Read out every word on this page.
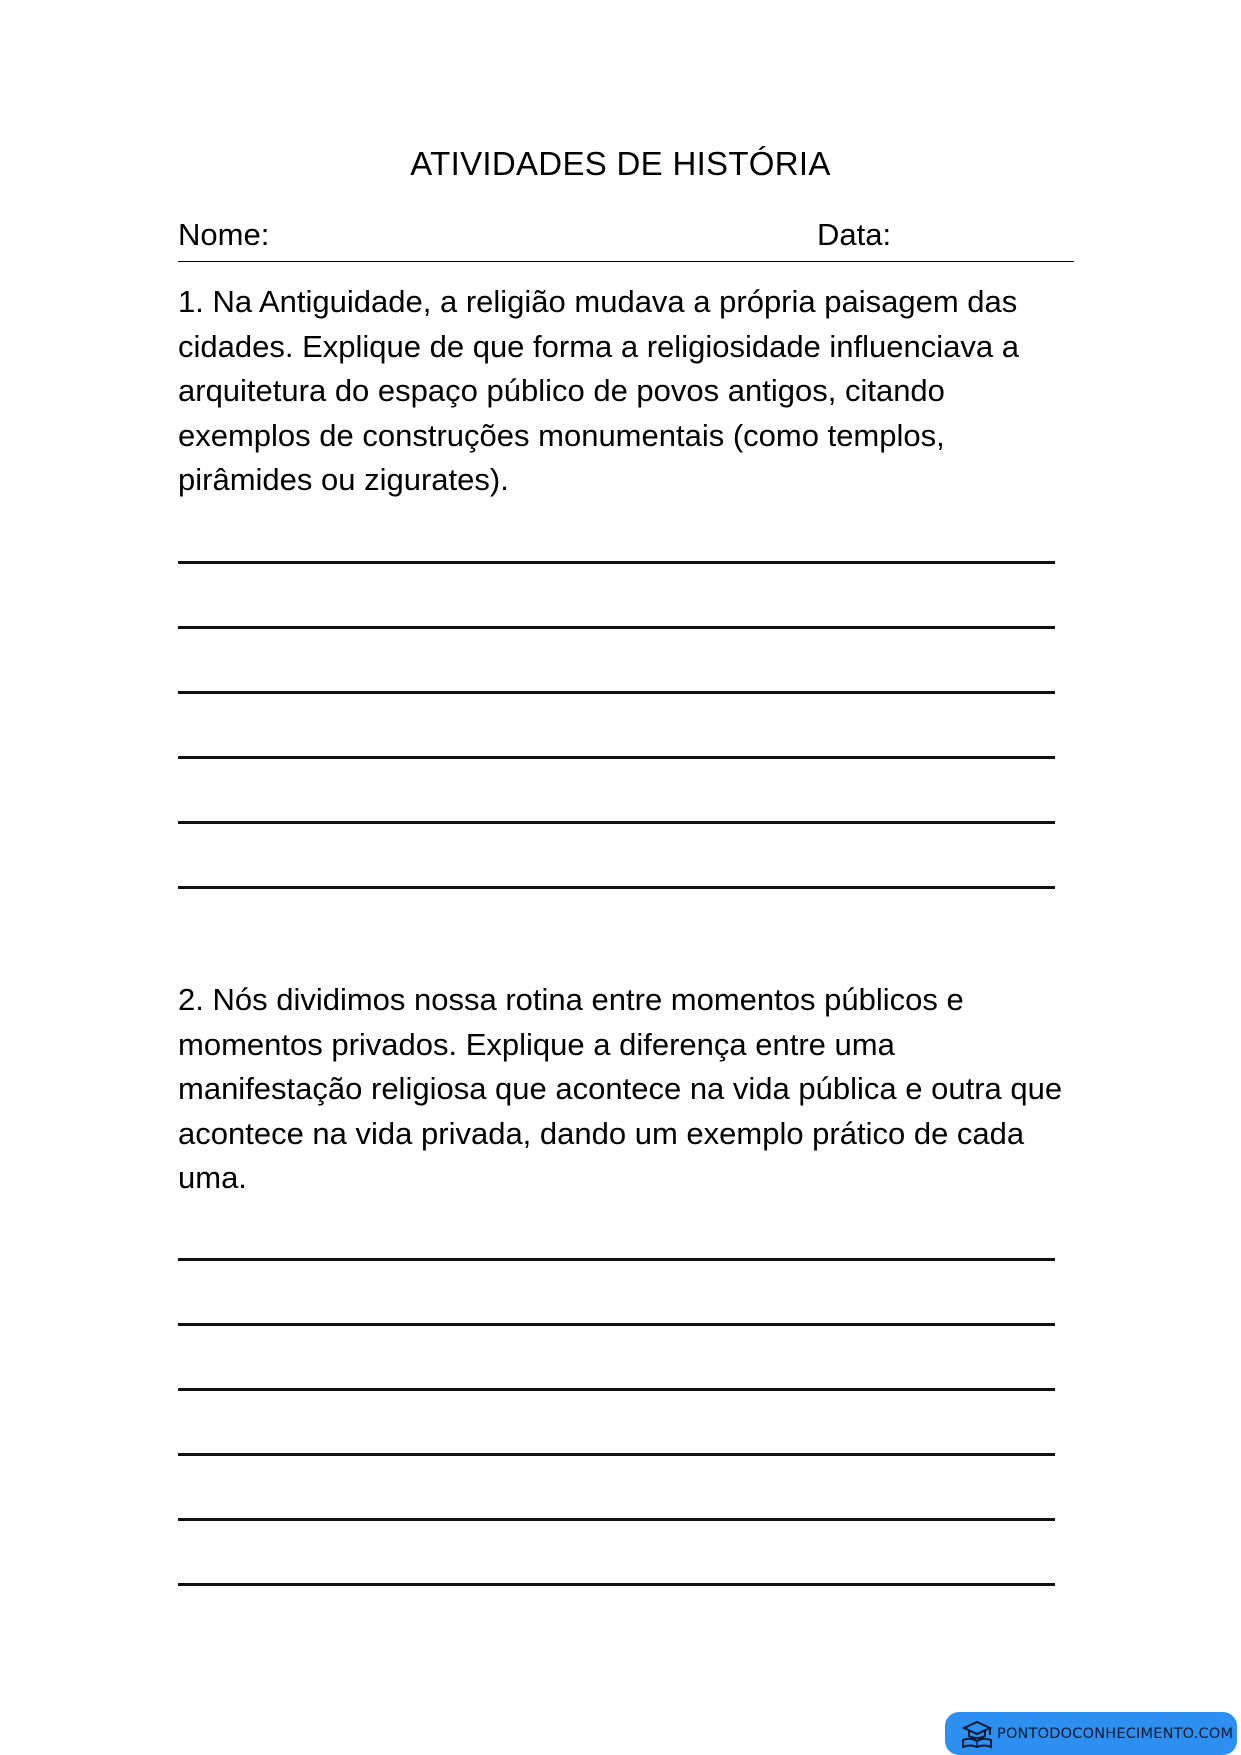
ATIVIDADES DE HISTÓRIA
Nome:	Data:
1. Na Antiguidade, a religião mudava a própria paisagem das cidades. Explique de que forma a religiosidade influenciava a arquitetura do espaço público de povos antigos, citando exemplos de construções monumentais (como templos, pirâmides ou zigurates).
2. Nós dividimos nossa rotina entre momentos públicos e momentos privados. Explique a diferença entre uma manifestação religiosa que acontece na vida pública e outra que acontece na vida privada, dando um exemplo prático de cada uma.
PONTODOCONHECIMENTO.COM
